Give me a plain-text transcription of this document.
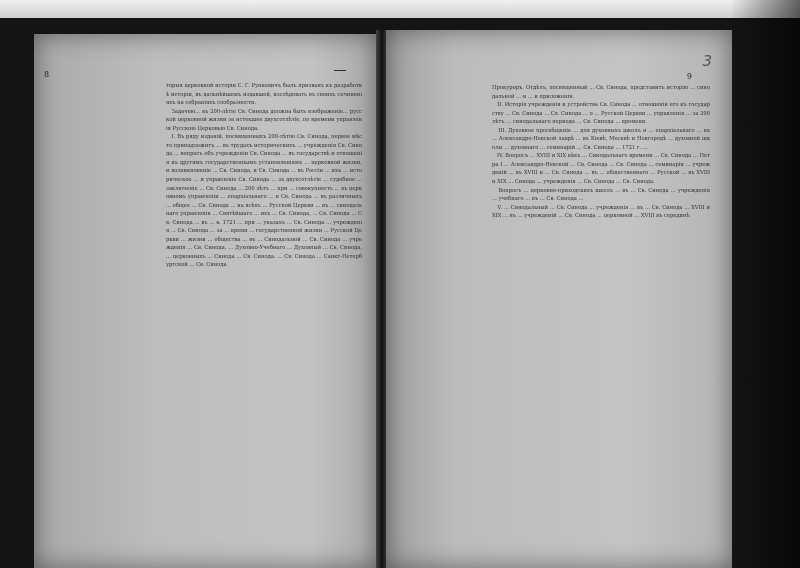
8
торыя церковной исторіи С. Г. Рункевичъ былъ призванъ къ разработкѣ исторіи, въ дальнѣйшемъ издавшей, изслѣдовать въ своихъ сочиненіяхъ на собраніяхъ сообразности.
Задачею... въ 200-лѣтіе Св. Синода должна быть изображеніе... русской церковной жизни за истекшее двухсотлѣтіе, по времени управленія Русскою Церковью Св. Синода.
I. Въ ряду изданій, посвященныхъ 200-лѣтію Св. Синода, первое мѣсто принадлежитъ ... въ трудахъ историческихъ ... учрежденія Св. Синода ... вопросъ объ учрежденіи Св. Синода ... въ государствѣ и отношенія къ другимъ государственнымъ установленіямъ ... церковной жизни, и возникновеніе ... Св. Синода, и Св. Синода ... въ Россіи ... ихъ ... историческое ... и управленіе Св. Синода ... за двухсотлѣтіе ... судебное ... заключеніе ... Св. Синода ... 200 лѣтъ ... при ... совокупность ... въ церковномъ управленіи ... епархіальнаго ... и Св. Синода ... въ различныхъ ... общее ... Св. Синода ... на всѣхъ ... Русской Церкви ... въ ... синодальнаго управленія ... Святѣйшаго ... ихъ ... Св. Синода, ... Св. Синода ... Св. Синода ... въ ... в. 1721 ... при ... указахъ ... Св. Синода ... учрежденія ... Св. Синода ... за ... время ... государственной жизни ... Русской Церкви ... жизни ... общества ... въ ... Синодальной ... Св. Синода ... учрежденія ... Св. Синода, ... Духовно-Учебнаго ... Духовный ... Св. Синода, ... церковныхъ ... Синода ... Св. Синода. ... Св. Синода ... Санкт-Петербургской ... Св. Синода
3
9
Прокуроръ. Отдѣлъ, посвященный ... Св. Синода, представитъ исторію ... синодальной ... и ... и приложенія.
II. Исторія учрежденія и устройства Св. Синода ... отношеніи его къ государству ... Св. Синода ... Св. Синода ... о ... Русской Церкви ... управленія ... за 200 лѣтъ ... синодальнаго периода ... Св. Синода ... времени.
III. Духовное просвѣщеніе ... для духовныхъ школъ и ... епархіальнаго ... въ ... Александро-Невской лаврѣ ... въ Кіевѣ, Москвѣ и Новгородѣ ... духовной школы ... духовнаго ... семинарій ... Св. Синода ... 1721 г. ...
IV. Вопросъ ... XVIII и XIX вѣкъ ... Синодальнаго времени ... Св. Синода ... Петра I ... Александро-Невской ... Св. Синода ... Св. Синода ... семинаріи ... учрежденій ... въ XVIII и ... Св. Синода ... въ ... общественнаго ... Русской ... въ XVIII и XIX ... Синода ... учрежденія ... Св. Синода ... Св. Синода.
Вопросъ ... церковно-приходскихъ школъ ... въ ... Св. Синода ... учрежденія ... учебнаго ... въ ... Св. Синода ...
V. ... Синодальный ... Св. Синода ... учрежденія ... въ ... Св. Синода ... XVIII и XIX ... въ ... учрежденій ... Св. Синода ... церковной ... XVIII въ серединѣ
